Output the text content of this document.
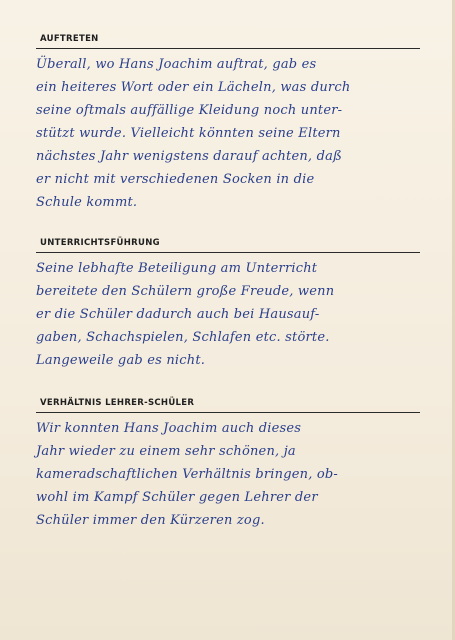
AUFTRETEN
Überall, wo Hans Joachim auftrat, gab es
ein heiteres Wort oder ein Lächeln, was durch
seine oftmals auffällige Kleidung noch unter-
stützt wurde. Vielleicht könnten seine Eltern
nächstes Jahr wenigstens darauf achten, daß
er nicht mit verschiedenen Socken in die
Schule kommt.
UNTERRICHTSFÜHRUNG
Seine lebhafte Beteiligung am Unterricht
bereitete den Schülern große Freude, wenn
er die Schüler dadurch auch bei Hausauf-
gaben, Schachspielen, Schlafen etc. störte.
Langeweile gab es nicht.
VERHÄLTNIS LEHRER-SCHÜLER
Wir konnten Hans Joachim auch dieses
Jahr wieder zu einem sehr schönen, ja
kameradschaftlichen Verhältnis bringen, ob-
wohl im Kampf Schüler gegen Lehrer der
Schüler immer den Kürzeren zog.
